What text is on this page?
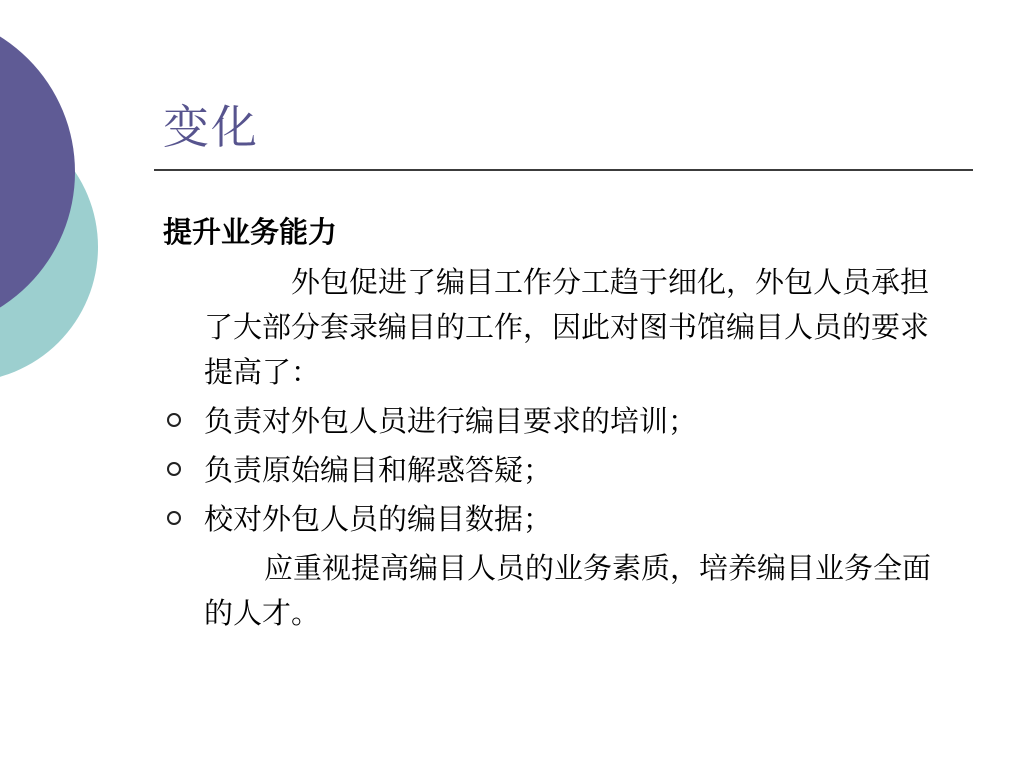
变化
提升业务能力
外包促进了编目工作分工趋于细化，外包人员承担了大部分套录编目的工作，因此对图书馆编目人员的要求提高了：
负责对外包人员进行编目要求的培训；
负责原始编目和解惑答疑；
校对外包人员的编目数据；
应重视提高编目人员的业务素质，培养编目业务全面的人才。
